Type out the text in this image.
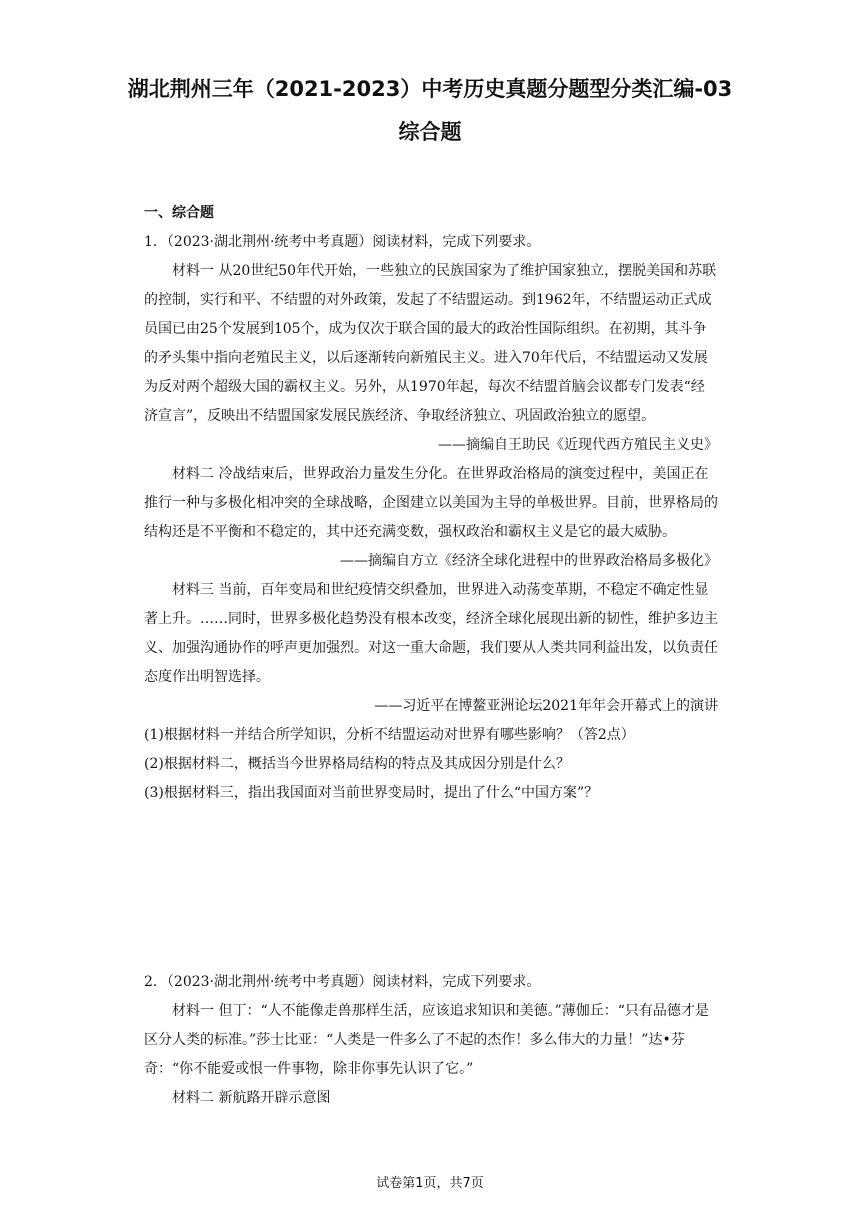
湖北荆州三年（2021-2023）中考历史真题分题型分类汇编-03
综合题
一、综合题

1．（2023·湖北荆州·统考中考真题）阅读材料，完成下列要求。

材料一 从20世纪50年代开始，一些独立的民族国家为了维护国家独立，摆脱美国和苏联的控制，实行和平、不结盟的对外政策，发起了不结盟运动。到1962年，不结盟运动正式成员国已由25个发展到105个，成为仅次于联合国的最大的政治性国际组织。在初期，其斗争的矛头集中指向老殖民主义，以后逐渐转向新殖民主义。进入70年代后，不结盟运动又发展为反对两个超级大国的霸权主义。另外，从1970年起，每次不结盟首脑会议都专门发表“经济宣言”，反映出不结盟国家发展民族经济、争取经济独立、巩固政治独立的愿望。

——摘编自王助民《近现代西方殖民主义史》

材料二 冷战结束后，世界政治力量发生分化。在世界政治格局的演变过程中，美国正在推行一种与多极化相冲突的全球战略，企图建立以美国为主导的单极世界。目前，世界格局的结构还是不平衡和不稳定的，其中还充满变数，强权政治和霸权主义是它的最大威胁。

——摘编自方立《经济全球化进程中的世界政治格局多极化》

材料三 当前，百年变局和世纪疫情交织叠加，世界进入动荡变革期，不稳定不确定性显著上升。……同时，世界多极化趋势没有根本改变，经济全球化展现出新的韧性，维护多边主义、加强沟通协作的呼声更加强烈。对这一重大命题，我们要从人类共同利益出发，以负责任态度作出明智选择。

——习近平在博鳌亚洲论坛2021年年会开幕式上的演讲

(1)根据材料一并结合所学知识，分析不结盟运动对世界有哪些影响？（答2点）

(2)根据材料二，概括当今世界格局结构的特点及其成因分别是什么？

(3)根据材料三，指出我国面对当前世界变局时，提出了什么“中国方案”？

2．（2023·湖北荆州·统考中考真题）阅读材料，完成下列要求。

材料一 但丁：“人不能像走兽那样生活，应该追求知识和美德。”薄伽丘：“只有品德才是区分人类的标准。”莎士比亚：“人类是一件多么了不起的杰作！多么伟大的力量！”达•芬奇：“你不能爱或恨一件事物，除非你事先认识了它。”

材料二 新航路开辟示意图

试卷第1页，共7页
